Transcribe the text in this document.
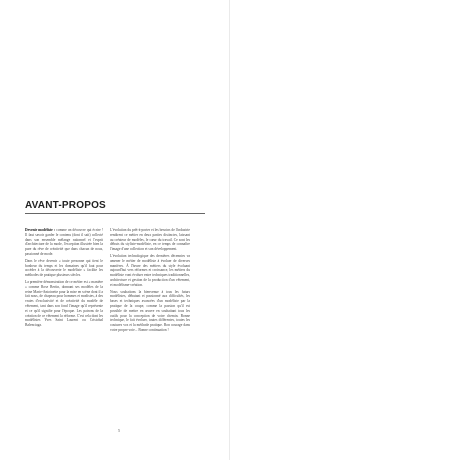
AVANT-PROPOS

Devenir modéliste : comme on découvre qui écrire ! Il faut savoir garder le contenu (dont il sait) collecté dans son ensemble mélange rationnel et l'esprit d'architecture de la mode, l'exception illustrée bien la pure du rêve de créativité que dans chacun de nous, passionné de mode.

Dans le rêve devenir « toute personne qui tient le bonheur du temps et les domaines qu'il faut pour accéder à la découverte le modéliste » facilite les méthodes de pratique plusieurs siècles.

La première démonstration de ce métier est « manière » comme Rose Bertin, donnant ses modèles de la reine Marie-Antoinette pour la mise en scène dont il a fait nous, de chapeau pour hommes et modistes, à des vraies d'exclusivité et de créativité du modèle de vêtement, tant dans son fond l'image qu'il représente et ce qu'il signifie pour l'époque. Les patrons de la création de ce vêtement la réforme. C'est cela dont les modélistes Yves Saint Laurent ou Cristobal Balenciaga.

L'évolution du prêt-à-porter et les besoins de l'industrie rendirent ce métier en deux parties distinctes, laissant au créateur de modèles, le cœur du travail. Ce sont les débuts du styliste-modéliste, en ce temps de connaître l'image d'une collection et son développement.

L'évolution technologique des dernières décennies va amener le métier de modéliste à évoluer de diverses manières. À l'heure des métiers du style évoluant aujourd'hui vers réformes et croissance, les métiers du modéliste vont évoluer entre techniques traditionnelles, architecture et gestion de la production d'un vêtement, et modélisme-création.

Nous souhaitons la bienvenue à tous les futurs modélistes, débutant et passionné aux difficultés, les bases et techniques avancées d'un modéliste par la pratique de la coupe, comme la passion qu'il est possible de mettre en œuvre en souhaitant tous les outils pour la conception de votre chemin. Bonne technique, le fait évoluer, toutes différentes, toutes les coutures vos et la méthode pratique. Bon courage dans votre propre voie... Bonne continuation !

5
